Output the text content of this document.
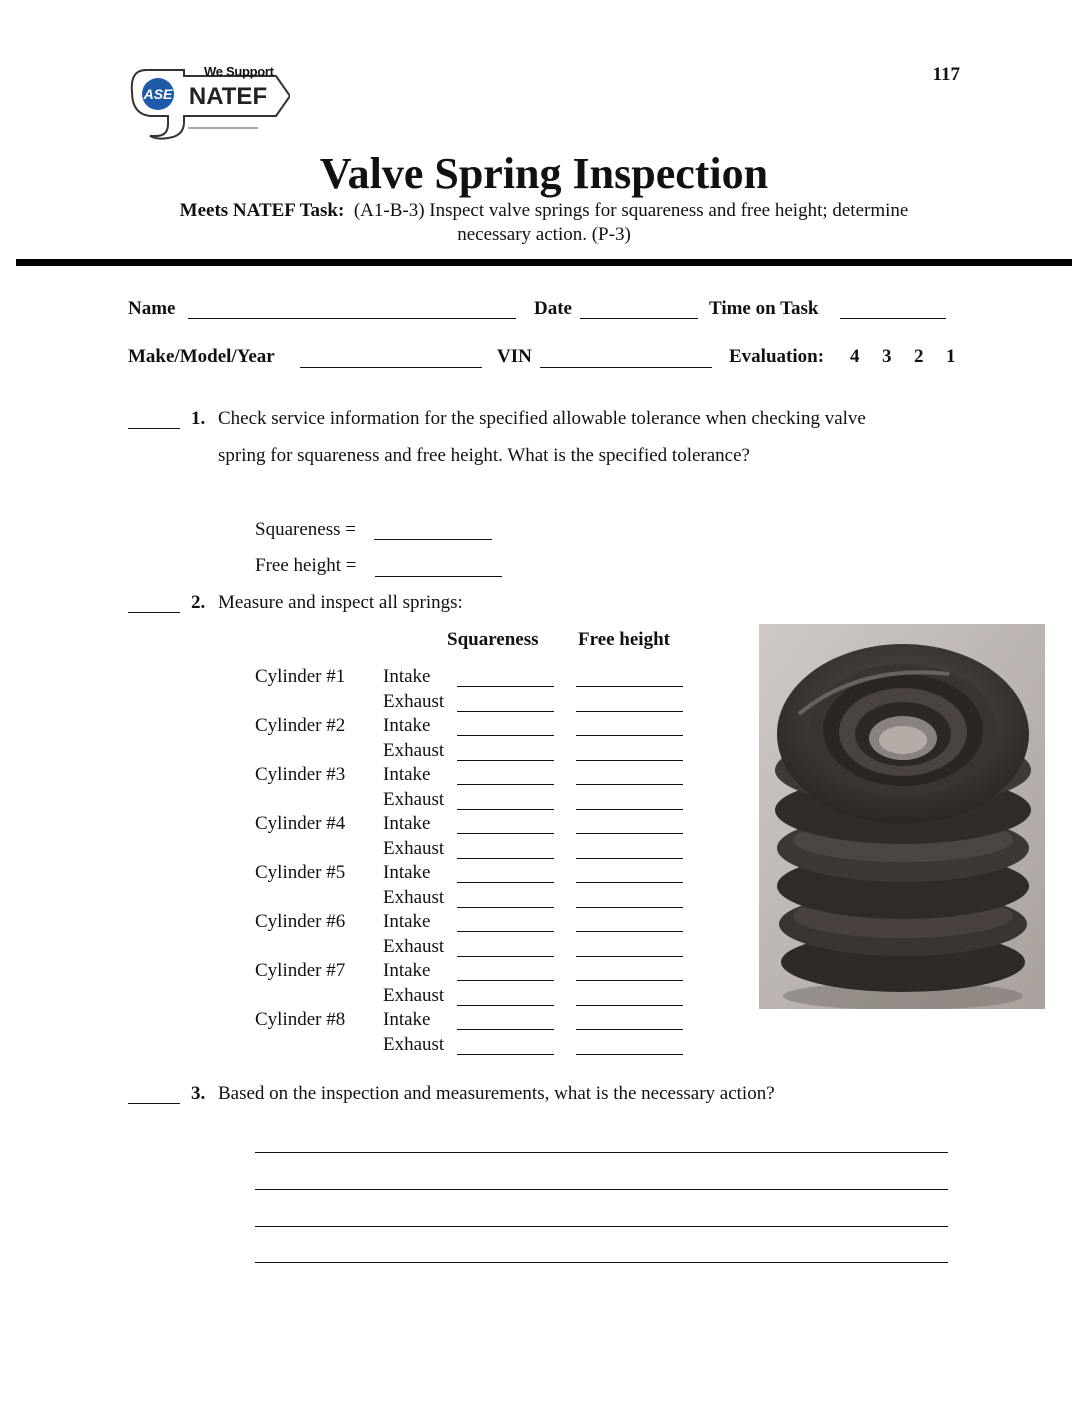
117
ASE NATEF
We Support
Valve Spring Inspection
Meets NATEF Task: (A1-B-3) Inspect valve springs for squareness and free height; determine
necessary action. (P-3)
Name	Date	Time on Task
Make/Model/Year	VIN	Evaluation: 4 3 2 1
1. Check service information for the specified allowable tolerance when checking valve
spring for squareness and free height. What is the specified tolerance?
Squareness =
Free height =
2. Measure and inspect all springs:
Squareness Free height
Cylinder #1 Intake
Exhaust
Cylinder #2 Intake
Exhaust
Cylinder #3 Intake
Exhaust
Cylinder #4 Intake
Exhaust
Cylinder #5 Intake
Exhaust
Cylinder #6 Intake
Exhaust
Cylinder #7 Intake
Exhaust
Cylinder #8 Intake
Exhaust
3. Based on the inspection and measurements, what is the necessary action?
